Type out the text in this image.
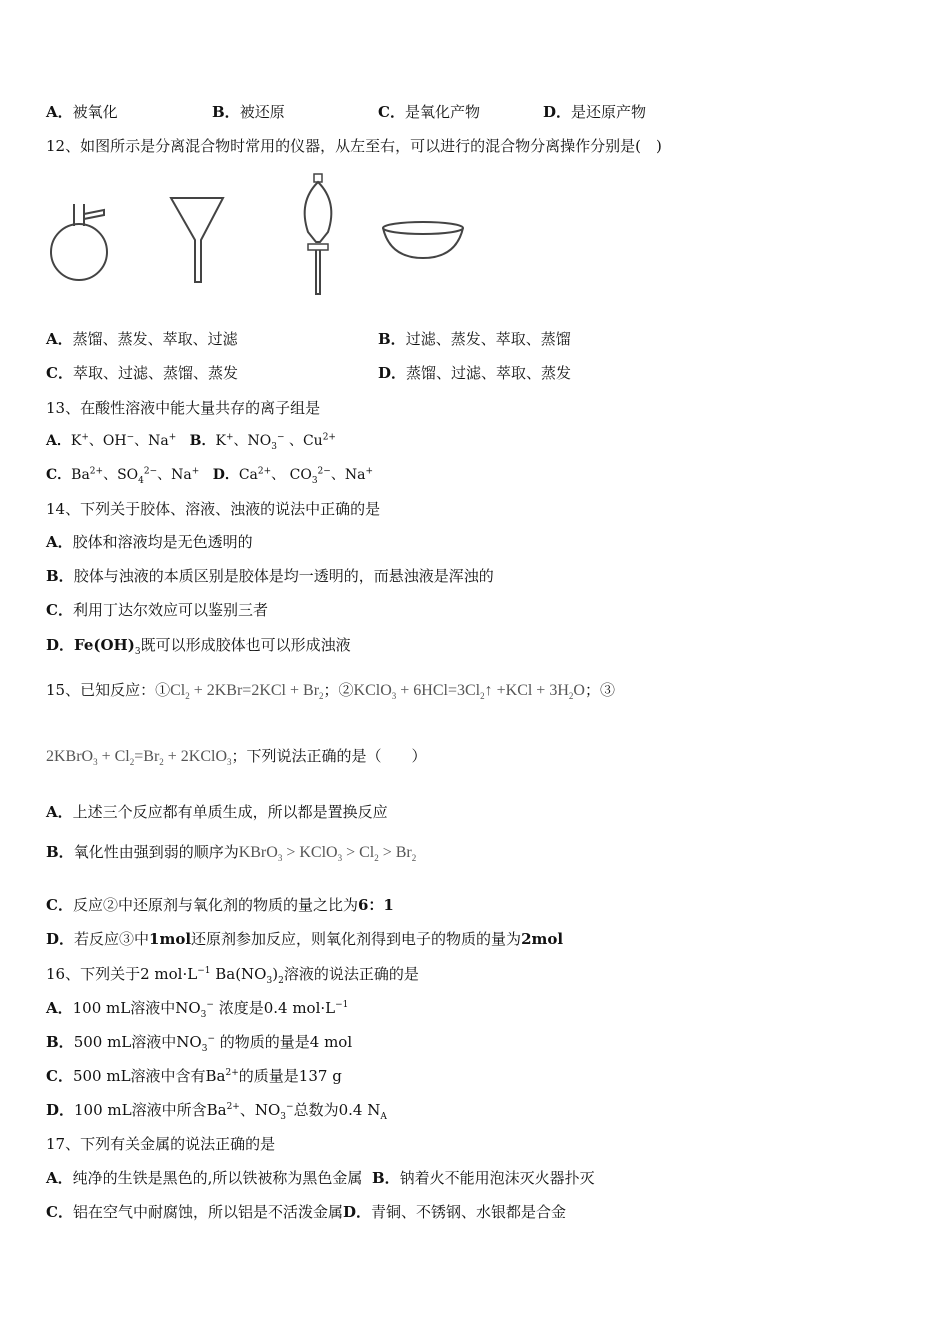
A．被氧化	B．被还原	C．是氧化产物	D．是还原产物
12、如图所示是分离混合物时常用的仪器，从左至右，可以进行的混合物分离操作分别是(　)
A．蒸馏、蒸发、萃取、过滤	B．过滤、蒸发、萃取、蒸馏
C．萃取、过滤、蒸馏、蒸发	D．蒸馏、过滤、萃取、蒸发
13、在酸性溶液中能大量共存的离子组是
A．K+、OH−、Na+ B．K+、$NO_3^-$ 、$Cu^{2+}$
C．$Ba^{2+}$、$SO_4^{2-}$、Na+ D．$Ca^{2+}$、 $CO_3^{2-}$、Na+
14、下列关于胶体、溶液、浊液的说法中正确的是
A．胶体和溶液均是无色透明的
B．胶体与浊液的本质区别是胶体是均一透明的，而悬浊液是浑浊的
C．利用丁达尔效应可以鉴别三者
D．$Fe(OH)_3$既可以形成胶体也可以形成浊液
15、已知反应：$①Cl_2 + 2KBr=2KCl + Br_2$；②KClO$_3$ + $6HCl=3Cl_2↑ +KCl + 3H_2O$；③
2KBrO$_3$ + $Cl_2=Br_2$ + 2KClO$_3$；下列说法正确的是（　　）
A．上述三个反应都有单质生成，所以都是置换反应
B．氧化性由强到弱的顺序为KBrO$_3$ > KClO$_3$ > $Cl_2 > Br_2$
C．反应②中还原剂与氧化剂的物质的量之比为6：1
D．若反应③中1mol还原剂参加反应，则氧化剂得到电子的物质的量为2mol
16、下列关于2 $mol\cdot L^{-1}$ $Ba(NO_3)_2$溶液的说法正确的是
A．100 mL溶液中$NO_3^-$ 浓度是0.4 $mol\cdot L^{-1}$
B．500 mL溶液中$NO_3^-$ 的物质的量是4 mol
C．500 mL溶液中含有$Ba^{2+}$的质量是137 g
D．100 mL溶液中所含$Ba^{2+}$、$NO_3^-$总数为0.4 $N_A$
17、下列有关金属的说法正确的是
A．纯净的生铁是黑色的,所以铁被称为黑色金属 B．钠着火不能用泡沫灭火器扑灭
C．铝在空气中耐腐蚀，所以铝是不活泼金属D．青铜、不锈钢、水银都是合金
